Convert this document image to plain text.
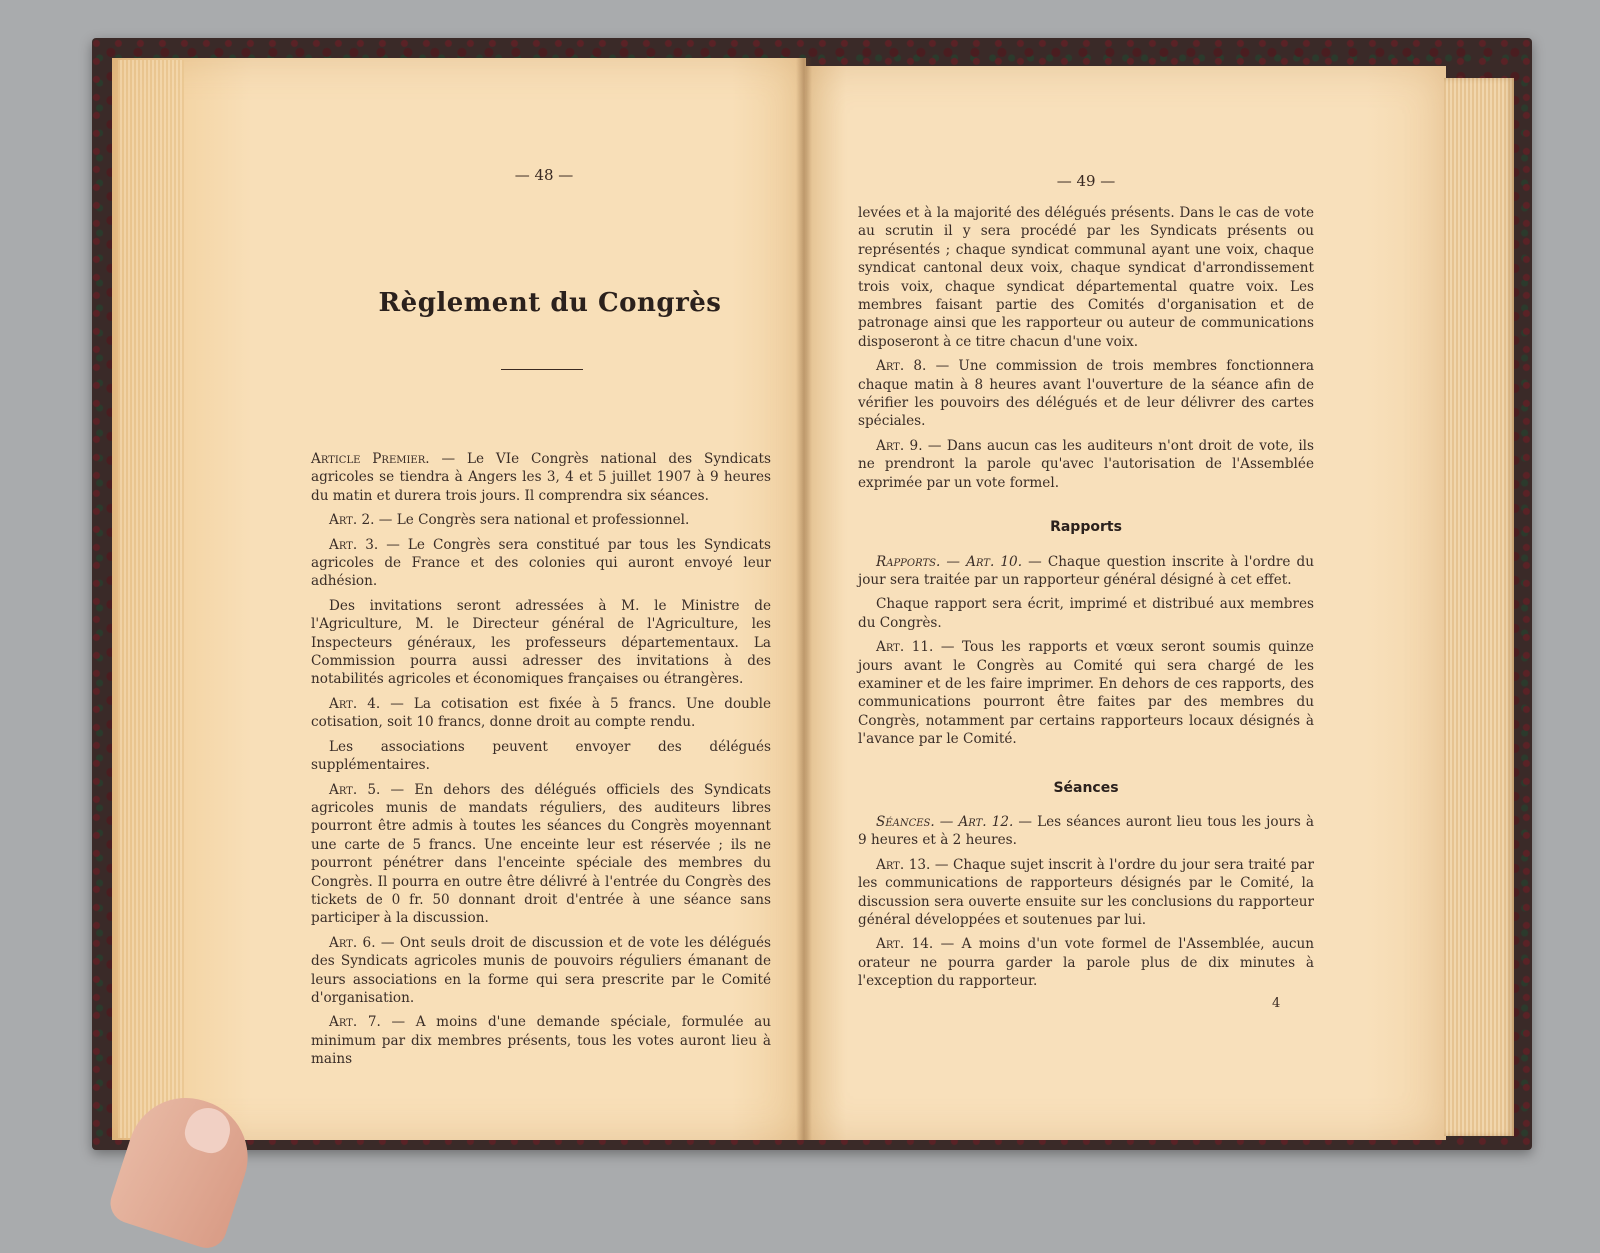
— 48 —
Règlement du Congrès

Article Premier. — Le VIe Congrès national des Syndicats agricoles se tiendra à Angers les 3, 4 et 5 juillet 1907 à 9 heures du matin et durera trois jours. Il comprendra six séances.

Art. 2. — Le Congrès sera national et professionnel.

Art. 3. — Le Congrès sera constitué par tous les Syndicats agricoles de France et des colonies qui auront envoyé leur adhésion.

Des invitations seront adressées à M. le Ministre de l'Agriculture, M. le Directeur général de l'Agriculture, les Inspecteurs généraux, les professeurs départementaux. La Commission pourra aussi adresser des invitations à des notabilités agricoles et économiques françaises ou étrangères.

Art. 4. — La cotisation est fixée à 5 francs. Une double cotisation, soit 10 francs, donne droit au compte rendu.

Les associations peuvent envoyer des délégués supplémentaires.

Art. 5. — En dehors des délégués officiels des Syndicats agricoles munis de mandats réguliers, des auditeurs libres pourront être admis à toutes les séances du Congrès moyennant une carte de 5 francs. Une enceinte leur est réservée ; ils ne pourront pénétrer dans l'enceinte spéciale des membres du Congrès. Il pourra en outre être délivré à l'entrée du Congrès des tickets de 0 fr. 50 donnant droit d'entrée à une séance sans participer à la discussion.

Art. 6. — Ont seuls droit de discussion et de vote les délégués des Syndicats agricoles munis de pouvoirs réguliers émanant de leurs associations en la forme qui sera prescrite par le Comité d'organisation.

Art. 7. — A moins d'une demande spéciale, formulée au minimum par dix membres présents, tous les votes auront lieu à mains

— 49 —

levées et à la majorité des délégués présents. Dans le cas de vote au scrutin il y sera procédé par les Syndicats présents ou représentés ; chaque syndicat communal ayant une voix, chaque syndicat cantonal deux voix, chaque syndicat d'arrondissement trois voix, chaque syndicat départemental quatre voix. Les membres faisant partie des Comités d'organisation et de patronage ainsi que les rapporteur ou auteur de communications disposeront à ce titre chacun d'une voix.

Art. 8. — Une commission de trois membres fonctionnera chaque matin à 8 heures avant l'ouverture de la séance afin de vérifier les pouvoirs des délégués et de leur délivrer des cartes spéciales.

Art. 9. — Dans aucun cas les auditeurs n'ont droit de vote, ils ne prendront la parole qu'avec l'autorisation de l'Assemblée exprimée par un vote formel.

Rapports

Rapports. — Art. 10. — Chaque question inscrite à l'ordre du jour sera traitée par un rapporteur général désigné à cet effet.

Chaque rapport sera écrit, imprimé et distribué aux membres du Congrès.

Art. 11. — Tous les rapports et vœux seront soumis quinze jours avant le Congrès au Comité qui sera chargé de les examiner et de les faire imprimer. En dehors de ces rapports, des communications pourront être faites par des membres du Congrès, notamment par certains rapporteurs locaux désignés à l'avance par le Comité.

Séances

Séances. — Art. 12. — Les séances auront lieu tous les jours à 9 heures et à 2 heures.

Art. 13. — Chaque sujet inscrit à l'ordre du jour sera traité par les communications de rapporteurs désignés par le Comité, la discussion sera ouverte ensuite sur les conclusions du rapporteur général développées et soutenues par lui.

Art. 14. — A moins d'un vote formel de l'Assemblée, aucun orateur ne pourra garder la parole plus de dix minutes à l'exception du rapporteur.

4
